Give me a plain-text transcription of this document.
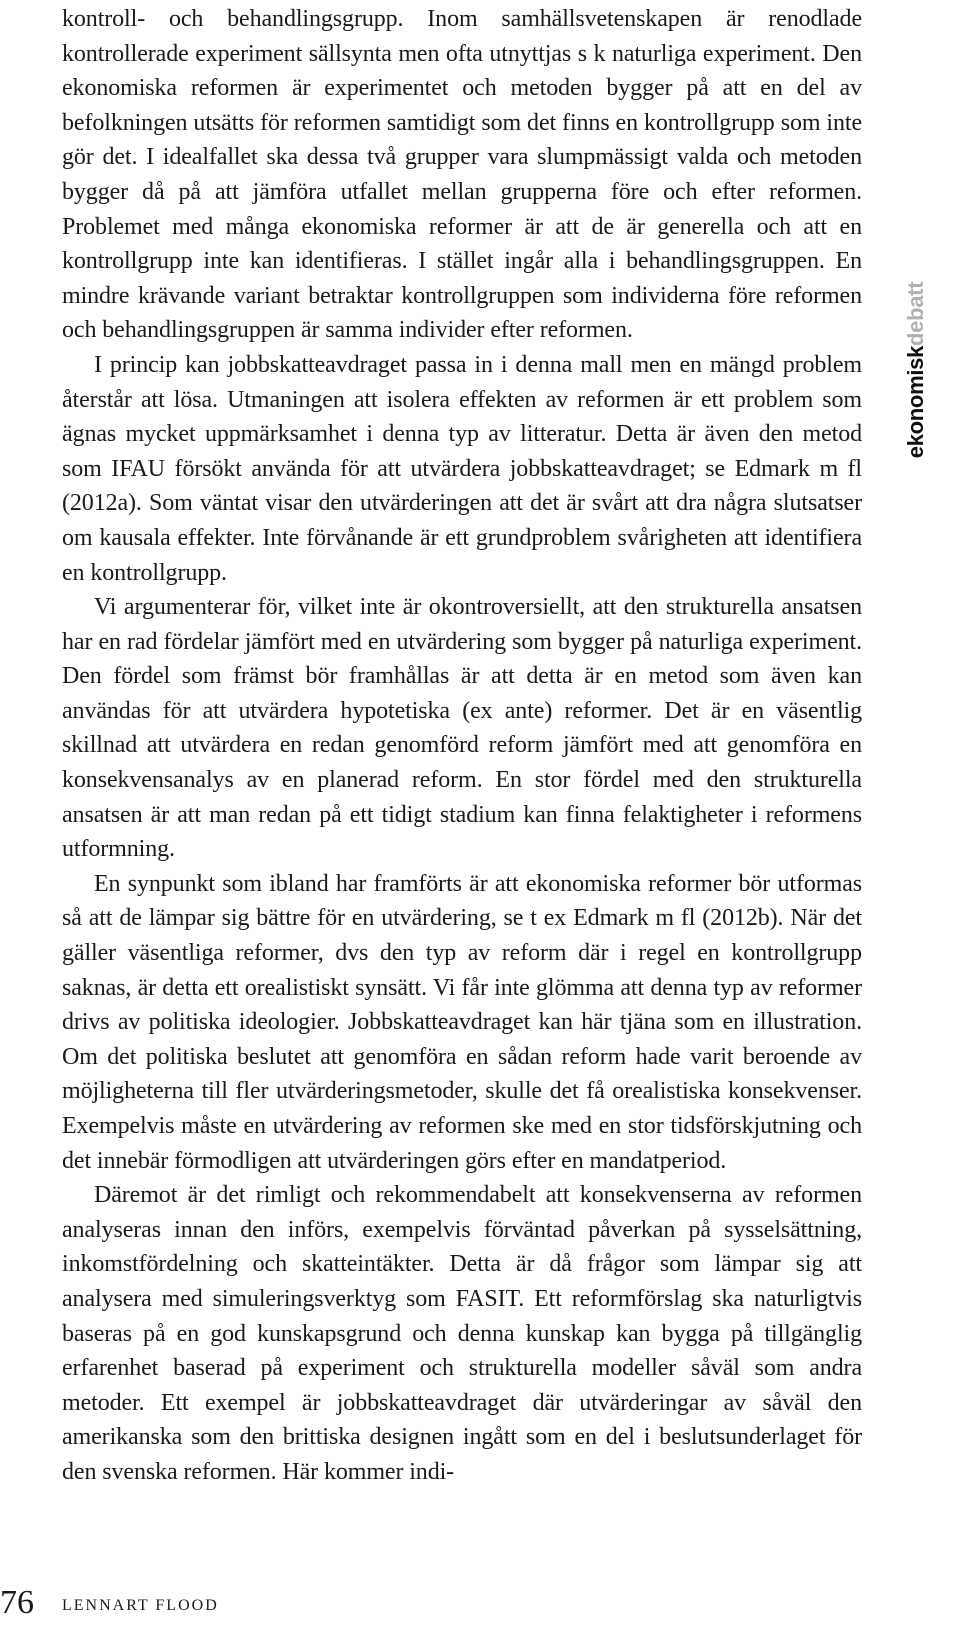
kontroll- och behandlingsgrupp. Inom samhällsvetenskapen är renodlade kontrollerade experiment sällsynta men ofta utnyttjas s k naturliga experiment. Den ekonomiska reformen är experimentet och metoden bygger på att en del av befolkningen utsätts för reformen samtidigt som det finns en kontrollgrupp som inte gör det. I idealfallet ska dessa två grupper vara slumpmässigt valda och metoden bygger då på att jämföra utfallet mellan grupperna före och efter reformen. Problemet med många ekonomiska reformer är att de är generella och att en kontrollgrupp inte kan identifieras. I stället ingår alla i behandlingsgruppen. En mindre krävande variant betraktar kontrollgruppen som individerna före reformen och behandlingsgruppen är samma individer efter reformen.

I princip kan jobbskatteavdraget passa in i denna mall men en mängd problem återstår att lösa. Utmaningen att isolera effekten av reformen är ett problem som ägnas mycket uppmärksamhet i denna typ av litteratur. Detta är även den metod som IFAU försökt använda för att utvärdera jobbskatteavdraget; se Edmark m fl (2012a). Som väntat visar den utvärderingen att det är svårt att dra några slutsatser om kausala effekter. Inte förvånande är ett grundproblem svårigheten att identifiera en kontrollgrupp.

Vi argumenterar för, vilket inte är okontroversiellt, att den strukturella ansatsen har en rad fördelar jämfört med en utvärdering som bygger på naturliga experiment. Den fördel som främst bör framhållas är att detta är en metod som även kan användas för att utvärdera hypotetiska (ex ante) reformer. Det är en väsentlig skillnad att utvärdera en redan genomförd reform jämfört med att genomföra en konsekvensanalys av en planerad reform. En stor fördel med den strukturella ansatsen är att man redan på ett tidigt stadium kan finna felaktigheter i reformens utformning.

En synpunkt som ibland har framförts är att ekonomiska reformer bör utformas så att de lämpar sig bättre för en utvärdering, se t ex Edmark m fl (2012b). När det gäller väsentliga reformer, dvs den typ av reform där i regel en kontrollgrupp saknas, är detta ett orealistiskt synsätt. Vi får inte glömma att denna typ av reformer drivs av politiska ideologier. Jobbskatteavdraget kan här tjäna som en illustration. Om det politiska beslutet att genomföra en sådan reform hade varit beroende av möjligheterna till fler utvärderingsmetoder, skulle det få orealistiska konsekvenser. Exempelvis måste en utvärdering av reformen ske med en stor tidsförskjutning och det innebär förmodligen att utvärderingen görs efter en mandatperiod.

Däremot är det rimligt och rekommendabelt att konsekvenserna av reformen analyseras innan den införs, exempelvis förväntad påverkan på sysselsättning, inkomstfördelning och skatteintäkter. Detta är då frågor som lämpar sig att analysera med simuleringsverktyg som FASIT. Ett reformförslag ska naturligtvis baseras på en god kunskapsgrund och denna kunskap kan bygga på tillgänglig erfarenhet baserad på experiment och strukturella modeller såväl som andra metoder. Ett exempel är jobbskatteavdraget där utvärderingar av såväl den amerikanska som den brittiska designen ingått som en del i beslutsunderlaget för den svenska reformen. Här kommer indi-

ekonomiskdebatt
76 LENNART FLOOD
